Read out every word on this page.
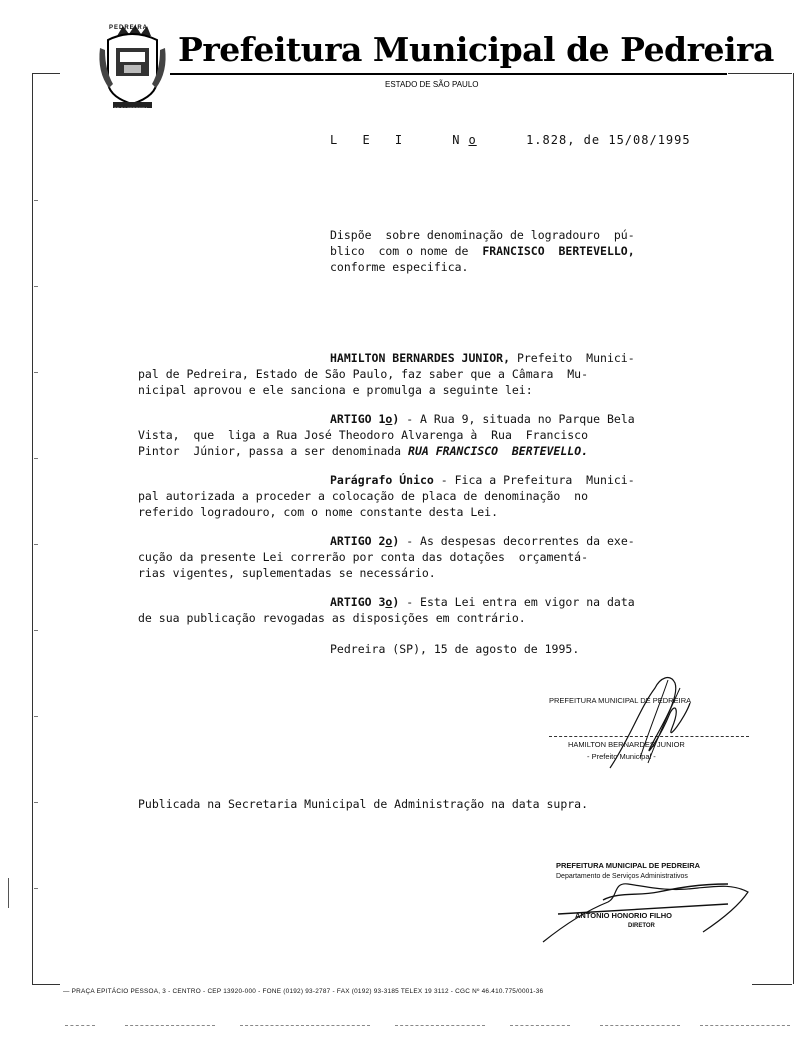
PEDREIRA
FLOR DA PEDREIRA
Prefeitura Municipal de Pedreira
ESTADO DE SÃO PAULO
L E I	No	1.828, de 15/08/1995
Dispõe  sobre denominação de logradouro  pú-
blico  com o nome de  FRANCISCO  BERTEVELLO,
conforme especifica.
HAMILTON BERNARDES JUNIOR, Prefeito  Munici-
pal de Pedreira, Estado de São Paulo, faz saber que a Câmara  Mu-
nicipal aprovou e ele sanciona e promulga a seguinte lei:
ARTIGO 1o) - A Rua 9, situada no Parque Bela
Vista,  que  liga a Rua José Theodoro Alvarenga à  Rua  Francisco
Pintor  Júnior, passa a ser denominada RUA FRANCISCO  BERTEVELLO.
Parágrafo Único - Fica a Prefeitura  Munici-
pal autorizada a proceder a colocação de placa de denominação  no
referido logradouro, com o nome constante desta Lei.
ARTIGO 2o) - As despesas decorrentes da exe-
cução da presente Lei correrão por conta das dotações  orçamentá-
rias vigentes, suplementadas se necessário.
ARTIGO 3o) - Esta Lei entra em vigor na data
de sua publicação revogadas as disposições em contrário.
Pedreira (SP), 15 de agosto de 1995.
PREFEITURA MUNICIPAL DE PEDREIRA
HAMILTON BERNARDES JUNIOR
- Prefeito Municipal -
Publicada na Secretaria Municipal de Administração na data supra.
PREFEITURA MUNICIPAL DE PEDREIRA
Departamento de Serviços Administrativos
ANTONIO HONORIO FILHO
DIRETOR
— PRAÇA EPITÁCIO PESSOA, 3 - CENTRO - CEP 13920-000 - FONE (0192) 93-2787 - FAX (0192) 93-3185 TELEX 19 3112 - CGC Nº 46.410.775/0001-36
